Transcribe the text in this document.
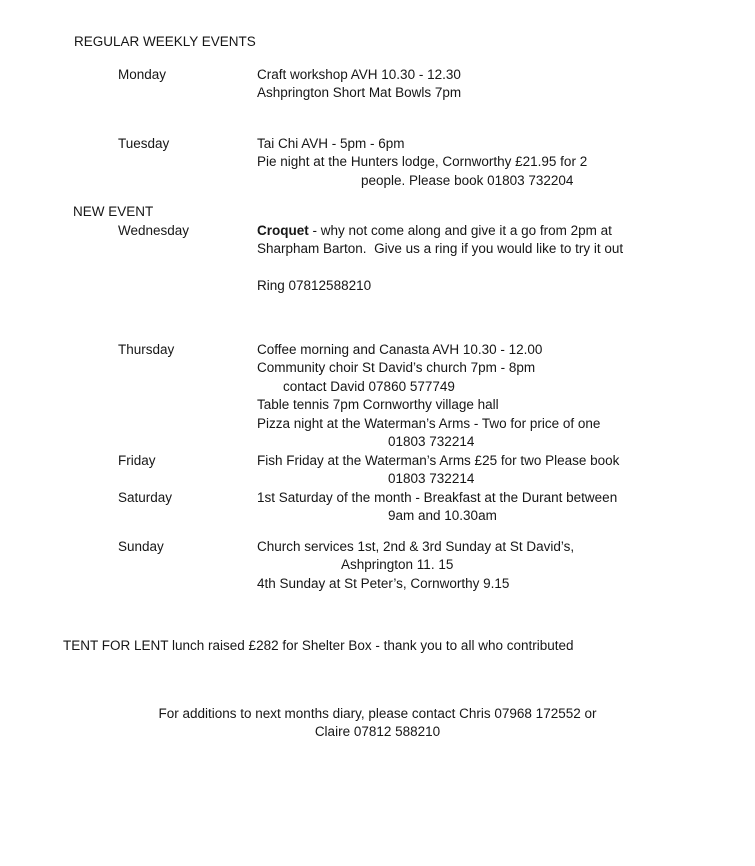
REGULAR WEEKLY EVENTS
Monday	Craft workshop AVH 10.30 - 12.30
Ashprington Short Mat Bowls 7pm
Tuesday	Tai Chi AVH - 5pm - 6pm
Pie night at the Hunters lodge, Cornworthy £21.95 for 2
people. Please book 01803 732204
NEW EVENT
Wednesday	Croquet - why not come along and give it a go from 2pm at
Sharpham Barton.  Give us a ring if you would like to try it out
Ring 07812588210
Thursday	Coffee morning and Canasta AVH 10.30 - 12.00
Community choir St David’s church 7pm - 8pm
contact David 07860 577749
Table tennis 7pm Cornworthy village hall
Pizza night at the Waterman’s Arms - Two for price of one
01803 732214
Friday	Fish Friday at the Waterman’s Arms £25 for two Please book
01803 732214
Saturday	1st Saturday of the month - Breakfast at the Durant between
9am and 10.30am
Sunday	Church services 1st, 2nd & 3rd Sunday at St David’s,
Ashprington 11. 15
4th Sunday at St Peter’s, Cornworthy 9.15
TENT FOR LENT lunch raised £282 for Shelter Box - thank you to all who contributed
For additions to next months diary, please contact Chris 07968 172552 or
Claire 07812 588210
